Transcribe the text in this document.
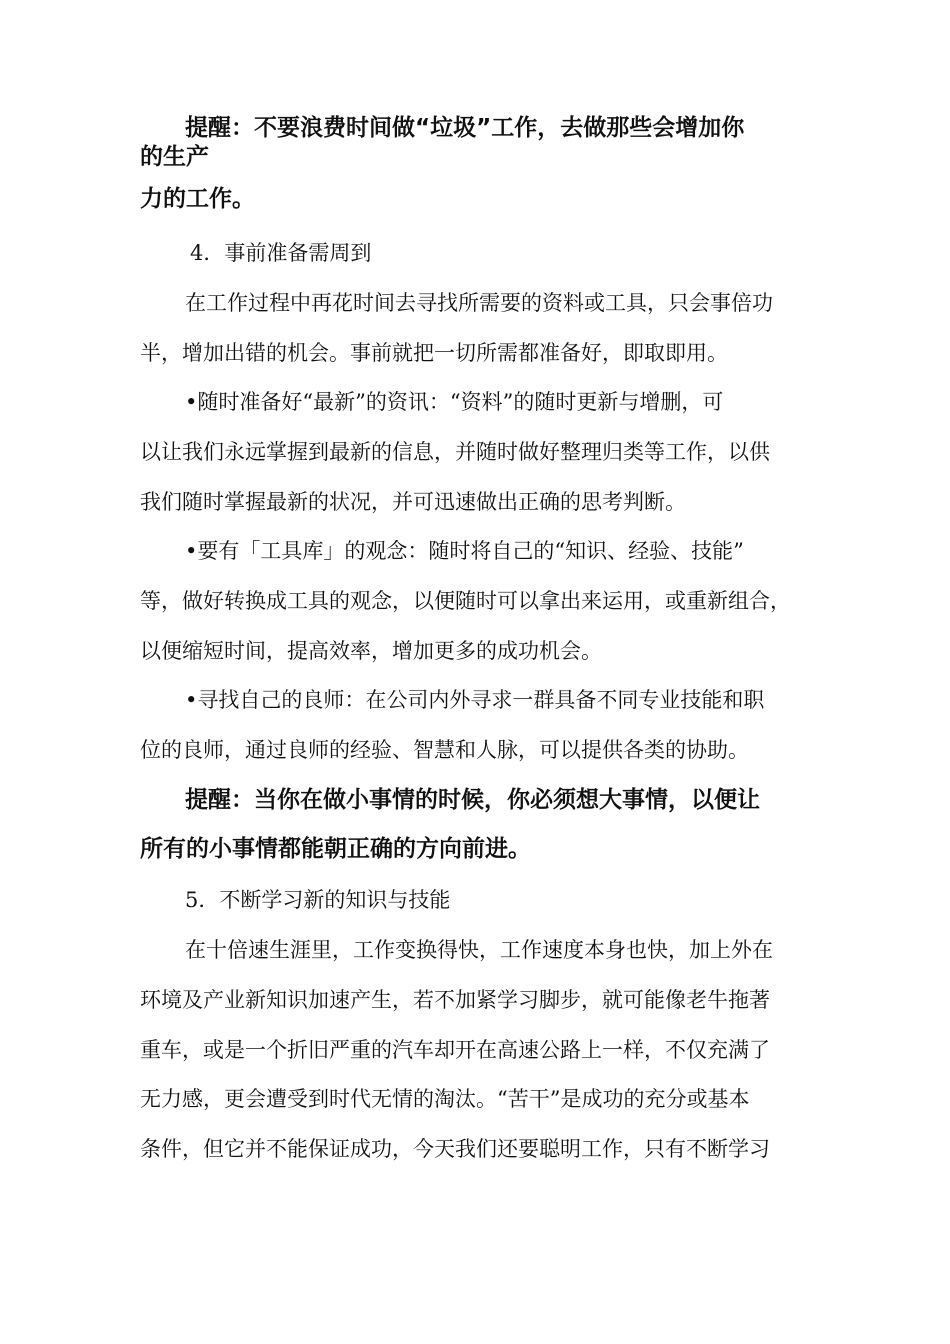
提醒：不要浪费时间做“垃圾”工作，去做那些会增加你
的生产
力的工作。
4．事前准备需周到
在工作过程中再花时间去寻找所需要的资料或工具，只会事倍功
半，增加出错的机会。事前就把一切所需都准备好，即取即用。
•随时准备好“最新”的资讯：“资料”的随时更新与增删，可
以让我们永远掌握到最新的信息，并随时做好整理归类等工作，以供
我们随时掌握最新的状况，并可迅速做出正确的思考判断。
•要有「工具库」的观念：随时将自己的“知识、经验、技能”
等，做好转换成工具的观念，以便随时可以拿出来运用，或重新组合，
以便缩短时间，提高效率，增加更多的成功机会。
•寻找自己的良师：在公司内外寻求一群具备不同专业技能和职
位的良师，通过良师的经验、智慧和人脉，可以提供各类的协助。
提醒：当你在做小事情的时候，你必须想大事情，以便让
所有的小事情都能朝正确的方向前进。
5．不断学习新的知识与技能
在十倍速生涯里，工作变换得快，工作速度本身也快，加上外在
环境及产业新知识加速产生，若不加紧学习脚步，就可能像老牛拖著
重车，或是一个折旧严重的汽车却开在高速公路上一样，不仅充满了
无力感，更会遭受到时代无情的淘汰。“苦干”是成功的充分或基本
条件，但它并不能保证成功，今天我们还要聪明工作，只有不断学习
